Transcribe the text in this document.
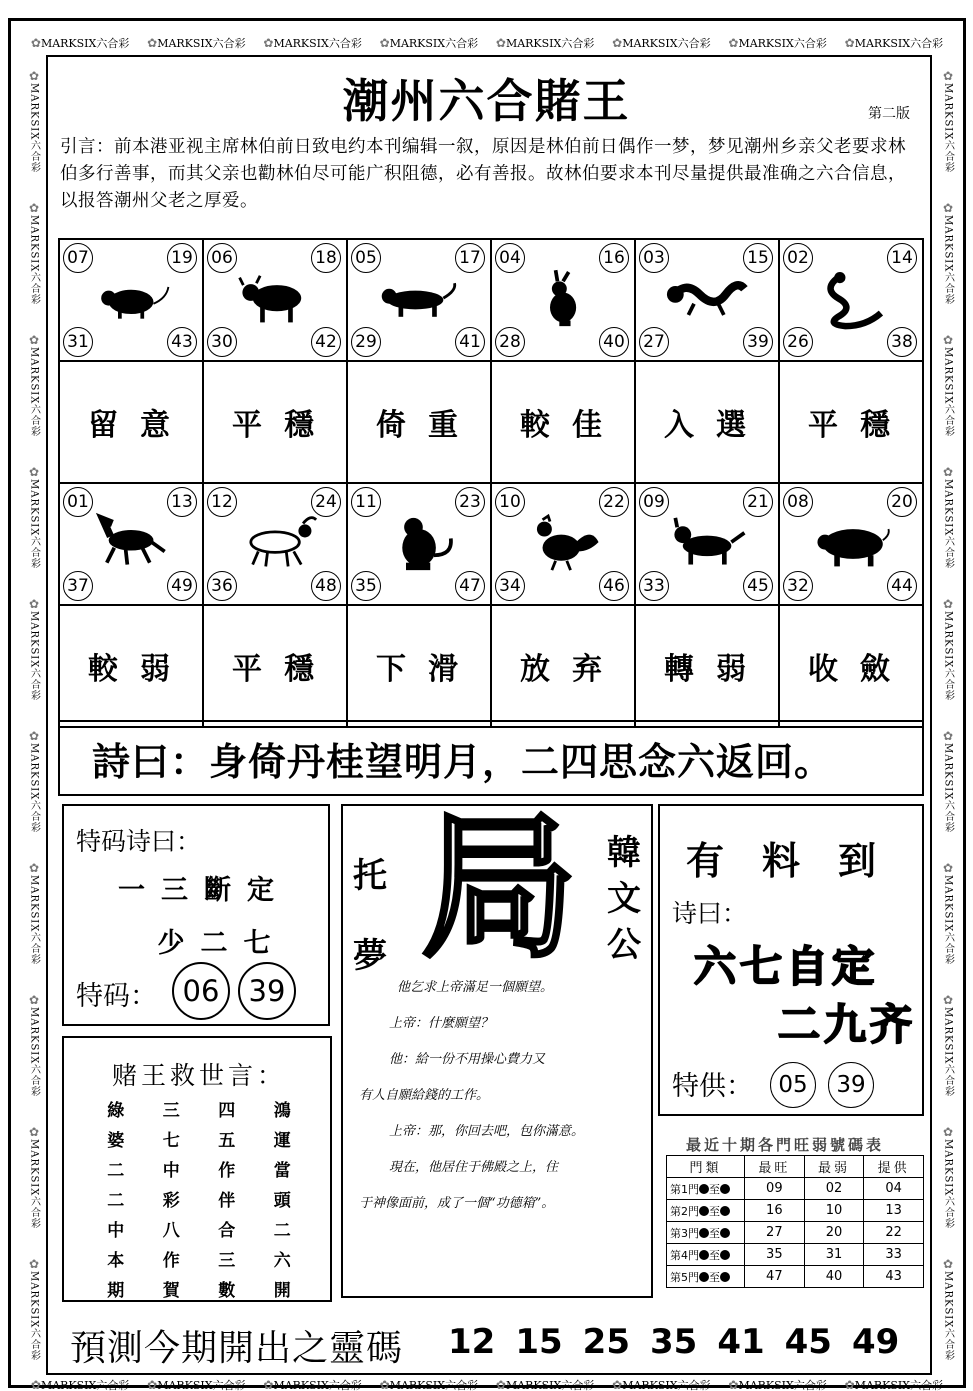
✿ MARKSIX六合彩 ✿ MARKSIX六合彩 ✿ MARKSIX六合彩 ✿ MARKSIX六合彩 ✿ MARKSIX六合彩 ✿ MARKSIX六合彩 ✿ MARKSIX六合彩 ✿ MARKSIX六合彩
✿ MARKSIX六合彩 ✿ MARKSIX六合彩 ✿ MARKSIX六合彩 ✿ MARKSIX六合彩 ✿ MARKSIX六合彩 ✿ MARKSIX六合彩 ✿ MARKSIX六合彩 ✿ MARKSIX六合彩
✿
MARKSIX六合彩
✿
MARKSIX六合彩
✿
MARKSIX六合彩
✿
MARKSIX六合彩
✿
MARKSIX六合彩
✿
MARKSIX六合彩
✿
MARKSIX六合彩
✿
MARKSIX六合彩
✿
MARKSIX六合彩
✿
MARKSIX六合彩
✿
MARKSIX六合彩
✿
MARKSIX六合彩
✿
MARKSIX六合彩
✿
MARKSIX六合彩
✿
MARKSIX六合彩
✿
MARKSIX六合彩
✿
MARKSIX六合彩
✿
MARKSIX六合彩
✿
MARKSIX六合彩
✿
MARKSIX六合彩
潮州六合賭王	第二版
引言：前本港亚视主席林伯前日致电约本刊编辑一叙，原因是林伯前日偶作一梦，梦见潮州乡亲父老要求林伯多行善事，而其父亲也勸林伯尽可能广积阻德，必有善报。故林伯要求本刊尽量提供最准确之六合信息，以报答潮州父老之厚爱。
07	19
31	43
06	18
30	42
05	17
29	41
04	16
28	40
03	15
27	39
02	14
26	38
留意	平穩	倚重	較佳	入選	平穩
01	13
37	49
12	24
36	48
11	23
35	47
10	22
34	46
09	21
33	45
08	20
32	44
較弱	平穩	下滑	放弃	轉弱	收斂
詩曰：身倚丹桂望明月，二四思念六返回。
特码诗曰：
一三斷定
少二七
特码： 06	39
赌王救世言：
綠	三	四	鴻
婆	七	五	運
二	中	作	當
二	彩	伴	頭
中	八	合	二
本	作	三	六
期	賀	數	開
托
夢 局 韓
文
公

他乞求上帝滿足一個願望。

上帝：什麼願望？

他：給一份不用操心費力又

有人自願給錢的工作。

上帝：那，你回去吧，包你滿意。

現在，他居住于佛殿之上，住

于神像面前，成了一個“功德箱”。

有料到
诗曰：
六七自定
二九齐
特供：	05	39
最近十期各門旺弱號碼表
門類	最旺	最弱	提供
第1門 至	09	02	04
第2門 至	16	10	13
第3門 至	27	20	22
第4門 至	35	31	33
第5門 至	47	40	43
預測今期開出之靈碼 12 15 25 35 41 45 49
